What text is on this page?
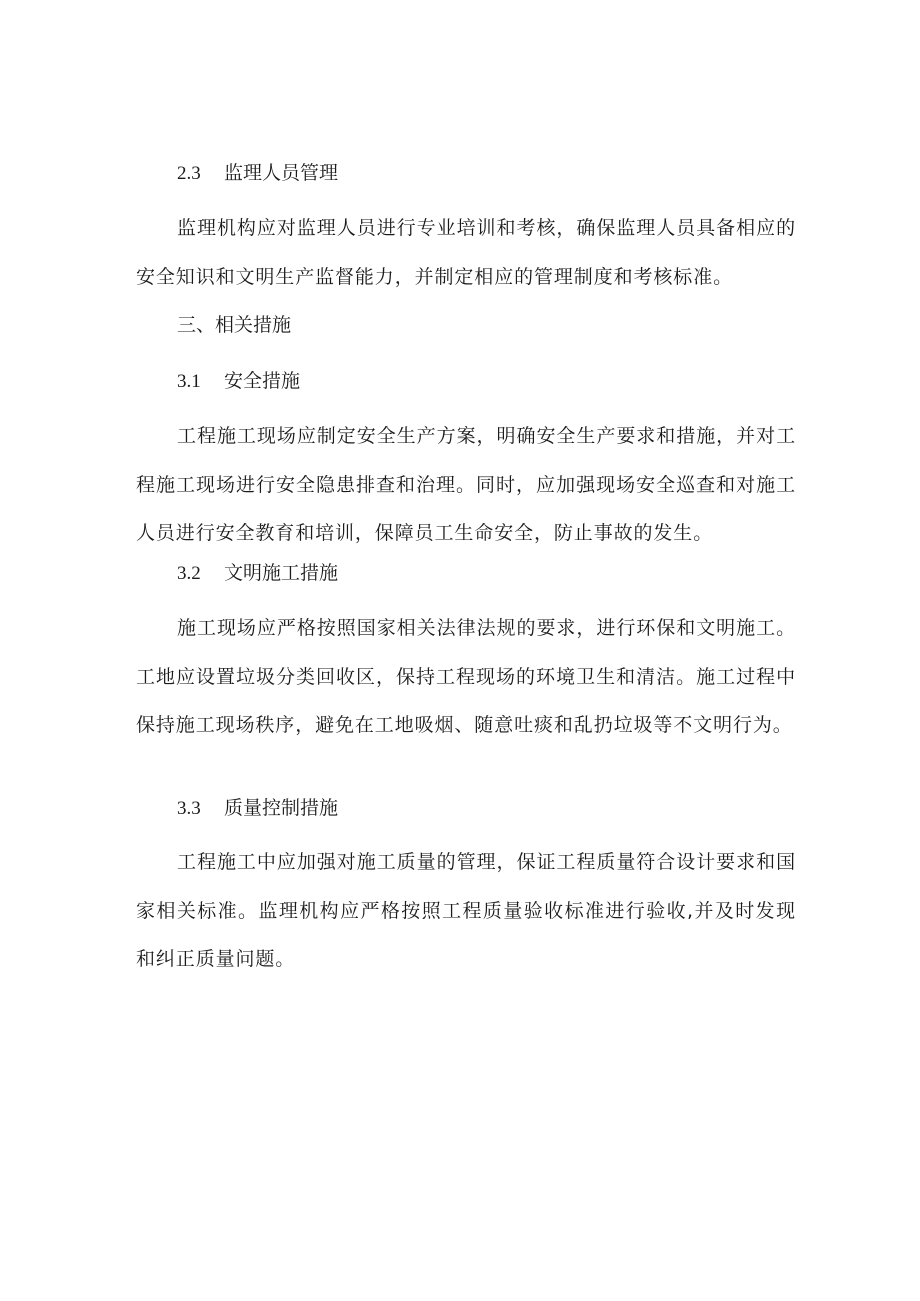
2.3 监理人员管理
监理机构应对监理人员进行专业培训和考核，确保监理人员具备相应的安全知识和文明生产监督能力，并制定相应的管理制度和考核标准。
三、相关措施
3.1 安全措施
工程施工现场应制定安全生产方案，明确安全生产要求和措施，并对工程施工现场进行安全隐患排查和治理。同时，应加强现场安全巡查和对施工人员进行安全教育和培训，保障员工生命安全，防止事故的发生。
3.2 文明施工措施
施工现场应严格按照国家相关法律法规的要求，进行环保和文明施工。工地应设置垃圾分类回收区，保持工程现场的环境卫生和清洁。施工过程中保持施工现场秩序，避免在工地吸烟、随意吐痰和乱扔垃圾等不文明行为。
3.3 质量控制措施
工程施工中应加强对施工质量的管理，保证工程质量符合设计要求和国家相关标准。监理机构应严格按照工程质量验收标准进行验收,并及时发现和纠正质量问题。
